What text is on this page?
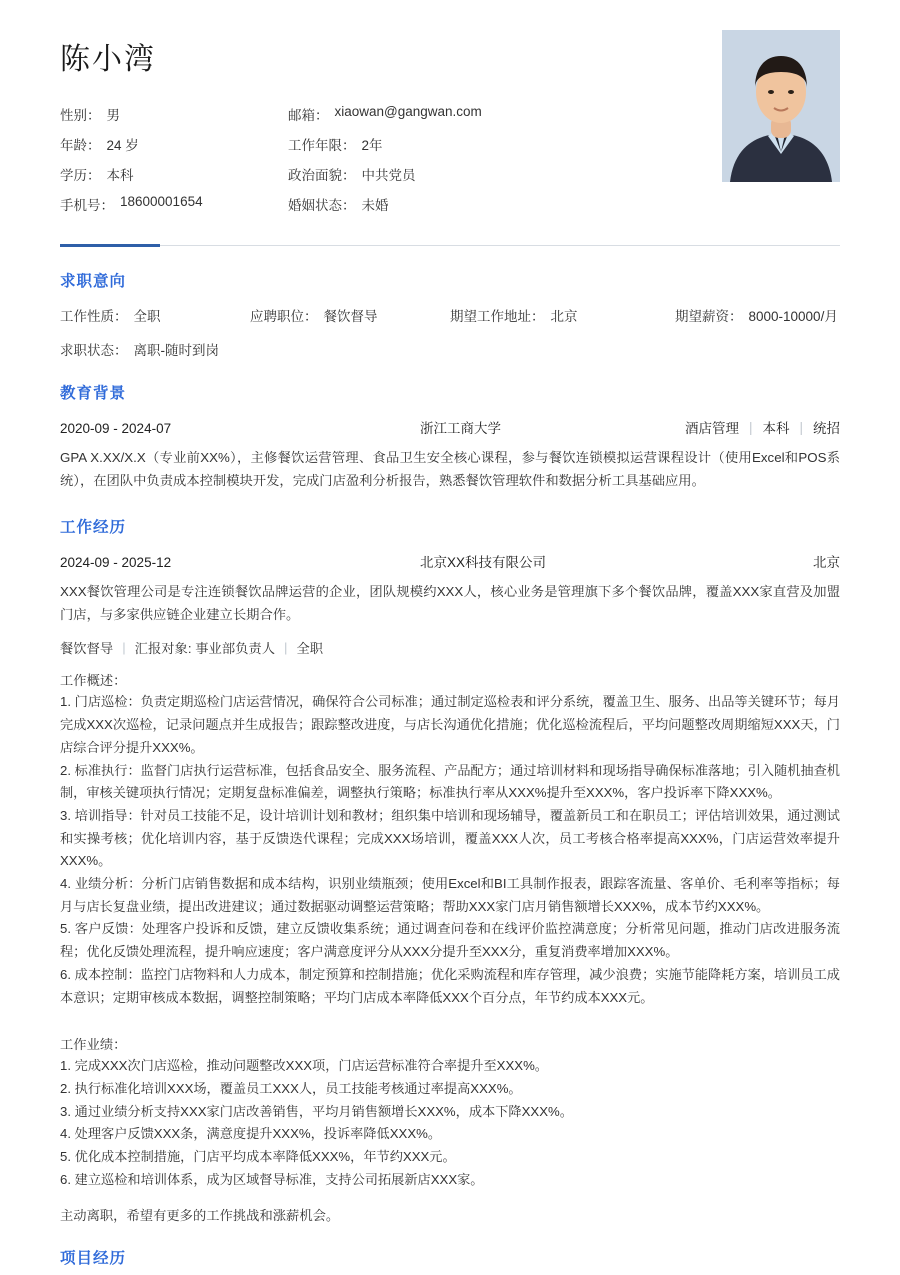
陈小湾
性别： 男	邮箱： xiaowan@gangwan.com
年龄： 24 岁	工作年限： 2年
学历： 本科	政治面貌： 中共党员
手机号： 18600001654	婚姻状态： 未婚
求职意向
工作性质： 全职	应聘职位： 餐饮督导	期望工作地址： 北京	期望薪资： 8000-10000/月
求职状态： 离职-随时到岗
教育背景
2020-09 - 2024-07	浙江工商大学	酒店管理 | 本科 | 统招
GPA X.XX/X.X（专业前XX%），主修餐饮运营管理、食品卫生安全核心课程，参与餐饮连锁模拟运营课程设计（使用Excel和POS系统），在团队中负责成本控制模块开发，完成门店盈利分析报告，熟悉餐饮管理软件和数据分析工具基础应用。
工作经历
2024-09 - 2025-12	北京XX科技有限公司	北京
XXX餐饮管理公司是专注连锁餐饮品牌运营的企业，团队规模约XXX人，核心业务是管理旗下多个餐饮品牌，覆盖XXX家直营及加盟门店，与多家供应链企业建立长期合作。
餐饮督导 | 汇报对象: 事业部负责人 | 全职
工作概述：
1. 门店巡检：负责定期巡检门店运营情况，确保符合公司标准；通过制定巡检表和评分系统，覆盖卫生、服务、出品等关键环节；每月完成XXX次巡检，记录问题点并生成报告；跟踪整改进度，与店长沟通优化措施；优化巡检流程后，平均问题整改周期缩短XXX天，门店综合评分提升XXX%。
2. 标准执行：监督门店执行运营标准，包括食品安全、服务流程、产品配方；通过培训材料和现场指导确保标准落地；引入随机抽查机制，审核关键项执行情况；定期复盘标准偏差，调整执行策略；标准执行率从XXX%提升至XXX%，客户投诉率下降XXX%。
3. 培训指导：针对员工技能不足，设计培训计划和教材；组织集中培训和现场辅导，覆盖新员工和在职员工；评估培训效果，通过测试和实操考核；优化培训内容，基于反馈迭代课程；完成XXX场培训，覆盖XXX人次，员工考核合格率提高XXX%，门店运营效率提升XXX%。
4. 业绩分析：分析门店销售数据和成本结构，识别业绩瓶颈；使用Excel和BI工具制作报表，跟踪客流量、客单价、毛利率等指标；每月与店长复盘业绩，提出改进建议；通过数据驱动调整运营策略；帮助XXX家门店月销售额增长XXX%，成本节约XXX%。
5. 客户反馈：处理客户投诉和反馈，建立反馈收集系统；通过调查问卷和在线评价监控满意度；分析常见问题，推动门店改进服务流程；优化反馈处理流程，提升响应速度；客户满意度评分从XXX分提升至XXX分，重复消费率增加XXX%。
6. 成本控制：监控门店物料和人力成本，制定预算和控制措施；优化采购流程和库存管理，减少浪费；实施节能降耗方案，培训员工成本意识；定期审核成本数据，调整控制策略；平均门店成本率降低XXX个百分点，年节约成本XXX元。
工作业绩：
1. 完成XXX次门店巡检，推动问题整改XXX项，门店运营标准符合率提升至XXX%。
2. 执行标准化培训XXX场，覆盖员工XXX人，员工技能考核通过率提高XXX%。
3. 通过业绩分析支持XXX家门店改善销售，平均月销售额增长XXX%，成本下降XXX%。
4. 处理客户反馈XXX条，满意度提升XXX%，投诉率降低XXX%。
5. 优化成本控制措施，门店平均成本率降低XXX%，年节约XXX元。
6. 建立巡检和培训体系，成为区域督导标准，支持公司拓展新店XXX家。
主动离职，希望有更多的工作挑战和涨薪机会。
项目经历
